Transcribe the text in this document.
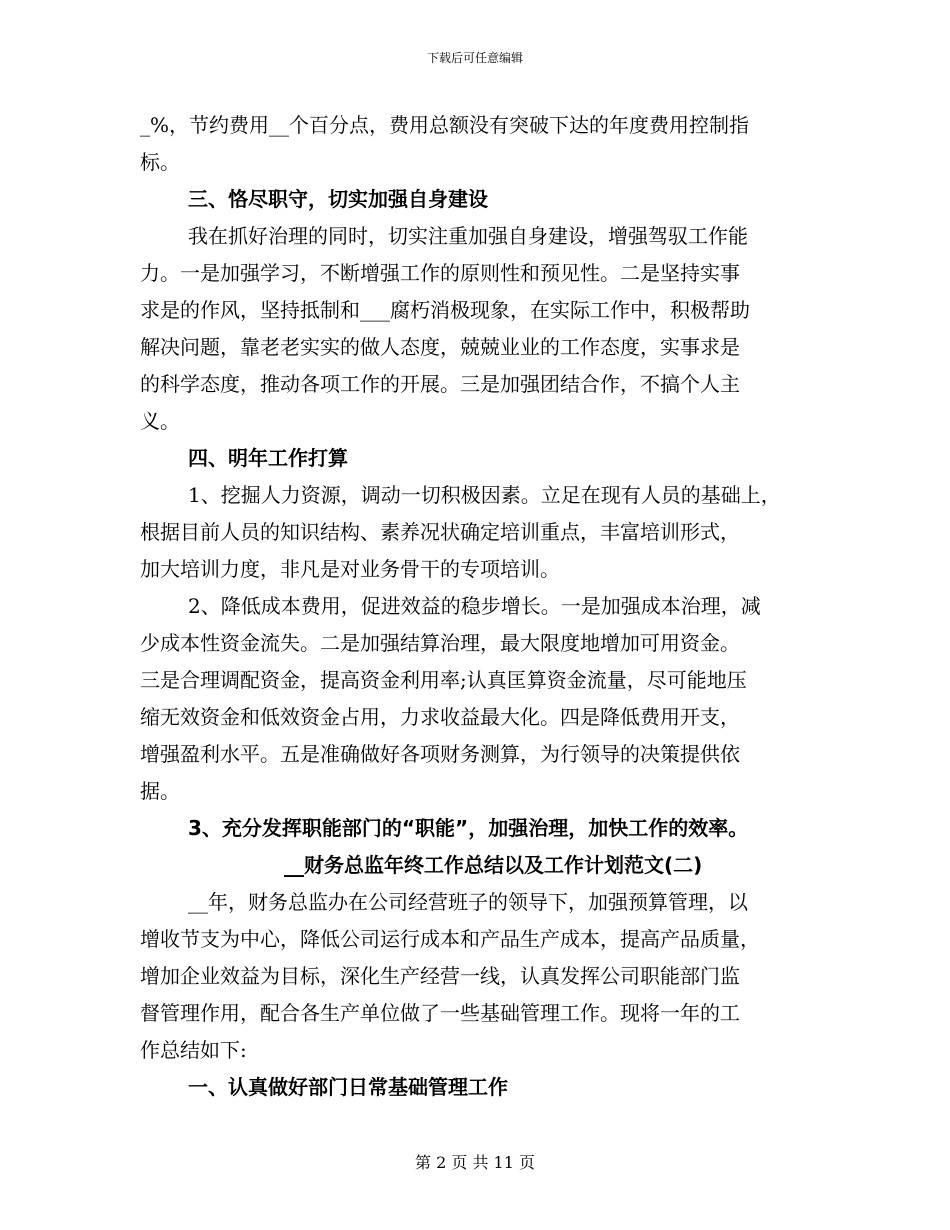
下载后可任意编辑
_%，节约费用__个百分点，费用总额没有突破下达的年度费用控制指
标。
三、恪尽职守，切实加强自身建设
我在抓好治理的同时，切实注重加强自身建设，增强驾驭工作能
力。一是加强学习，不断增强工作的原则性和预见性。二是坚持实事
求是的作风，坚持抵制和___腐朽消极现象，在实际工作中，积极帮助
解决问题，靠老老实实的做人态度，兢兢业业的工作态度，实事求是
的科学态度，推动各项工作的开展。三是加强团结合作，不搞个人主
义。
四、明年工作打算
1、挖掘人力资源，调动一切积极因素。立足在现有人员的基础上，
根据目前人员的知识结构、素养况状确定培训重点，丰富培训形式，
加大培训力度，非凡是对业务骨干的专项培训。
2、降低成本费用，促进效益的稳步增长。一是加强成本治理，减
少成本性资金流失。二是加强结算治理，最大限度地增加可用资金。
三是合理调配资金，提高资金利用率;认真匡算资金流量，尽可能地压
缩无效资金和低效资金占用，力求收益最大化。四是降低费用开支，
增强盈利水平。五是准确做好各项财务测算，为行领导的决策提供依
据。
3、充分发挥职能部门的“职能”，加强治理，加快工作的效率。
__财务总监年终工作总结以及工作计划范文(二)
__年，财务总监办在公司经营班子的领导下，加强预算管理，以
增收节支为中心，降低公司运行成本和产品生产成本，提高产品质量，
增加企业效益为目标，深化生产经营一线，认真发挥公司职能部门监
督管理作用，配合各生产单位做了一些基础管理工作。现将一年的工
作总结如下:
一、认真做好部门日常基础管理工作
第 2 页 共 11 页
